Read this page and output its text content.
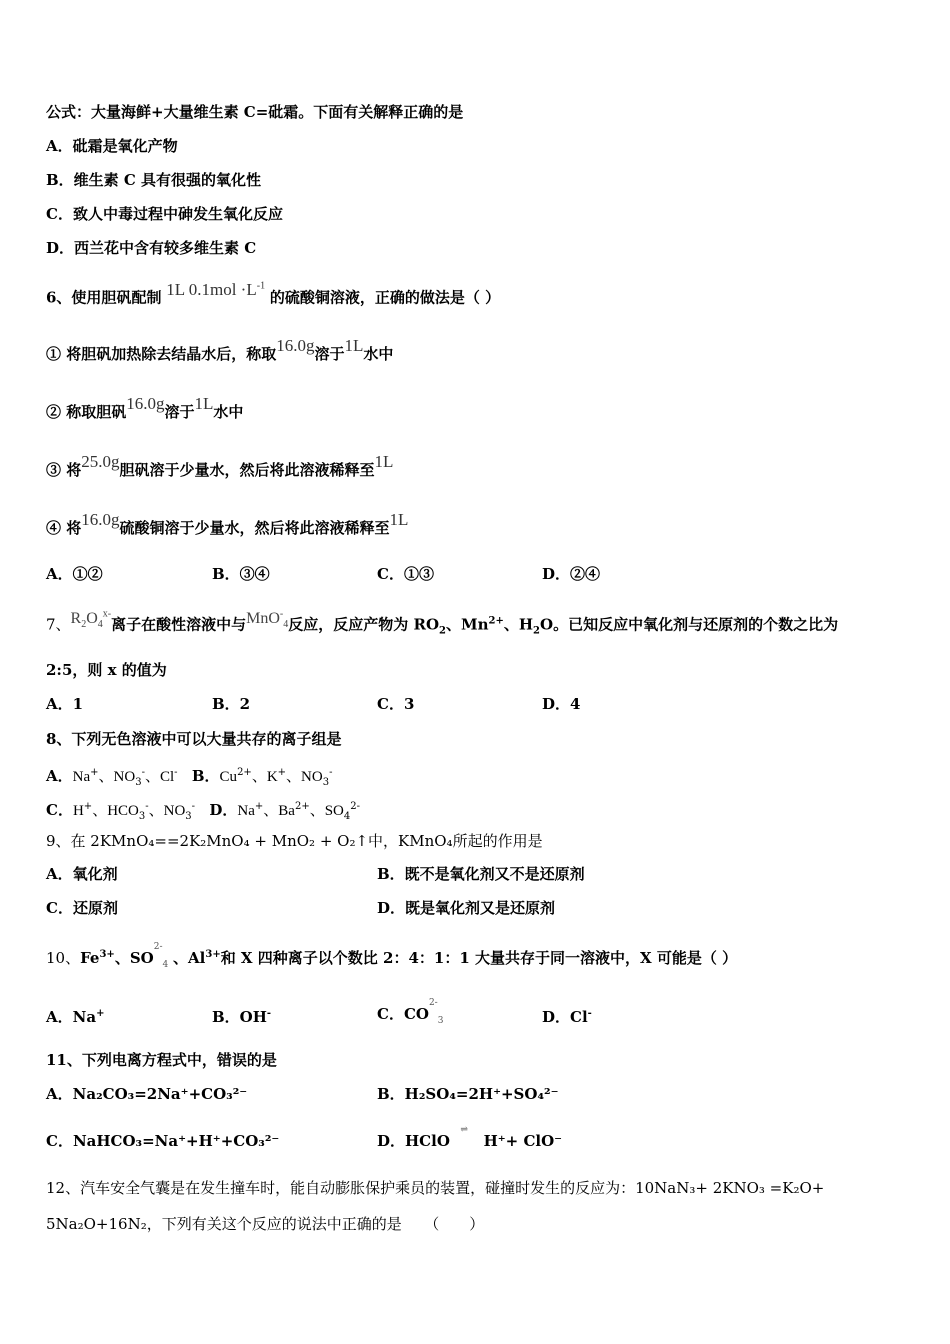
公式：大量海鲜+大量维生素 C=砒霜。下面有关解释正确的是
A．砒霜是氧化产物
B．维生素 C 具有很强的氧化性
C．致人中毒过程中砷发生氧化反应
D．西兰花中含有较多维生素 C
6、使用胆矾配制 1L $0.1mol \cdot L^{-1}$ 的硫酸铜溶液，正确的做法是（ ）
① 将胆矾加热除去结晶水后，称取16.0g溶于1L水中
② 称取胆矾16.0g溶于1L水中
③ 将25.0g胆矾溶于少量水，然后将此溶液稀释至1L
④ 将16.0g硫酸铜溶于少量水，然后将此溶液稀释至1L
A．①②	B．③④	C．①③	D．②④
7、$R_2O_4^{x-}$离子在酸性溶液中与MnO-$_4$反应，反应产物为 $RO_2$、$Mn^{2+}$、$H_2O$。已知反应中氧化剂与还原剂的个数之比为
2:5，则 x 的值为
A．1	B．2	C．3	D．4
8、下列无色溶液中可以大量共存的离子组是
A．Na+、$NO_3^-$、Cl- B．$Cu^{2+}$、K+、$NO_3^-$
C．H+、$HCO_3^-$、$NO_3^-$ D．Na+、$Ba^{2+}$、$SO_4^{2-}$
9、在 2KMnO₄==2K₂MnO₄ + MnO₂ + O₂↑中，KMnO₄所起的作用是
A．氧化剂	B．既不是氧化剂又不是还原剂
C．还原剂	D．既是氧化剂又是还原剂
10、$Fe^{3+}$、$SO^{2-}_4$ 、$Al^{3+}$和 X 四种离子以个数比 2：4：1：1 大量共存于同一溶液中，X 可能是（ ）
A．Na+	B．OH-	C．$CO^{2-}_3$	D．Cl-
11、下列电离方程式中，错误的是
A．Na₂CO₃=2Na⁺+CO₃²⁻	B．H₂SO₄=2H⁺+SO₄²⁻
C．NaHCO₃=Na⁺+H⁺+CO₃²⁻	D．HClO  ⇌   H⁺+ ClO⁻
12、汽车安全气囊是在发生撞车时，能自动膨胀保护乘员的装置，碰撞时发生的反应为：10NaN₃+ 2KNO₃ =K₂O+
5Na₂O+16N₂，下列有关这个反应的说法中正确的是　　（　　）
